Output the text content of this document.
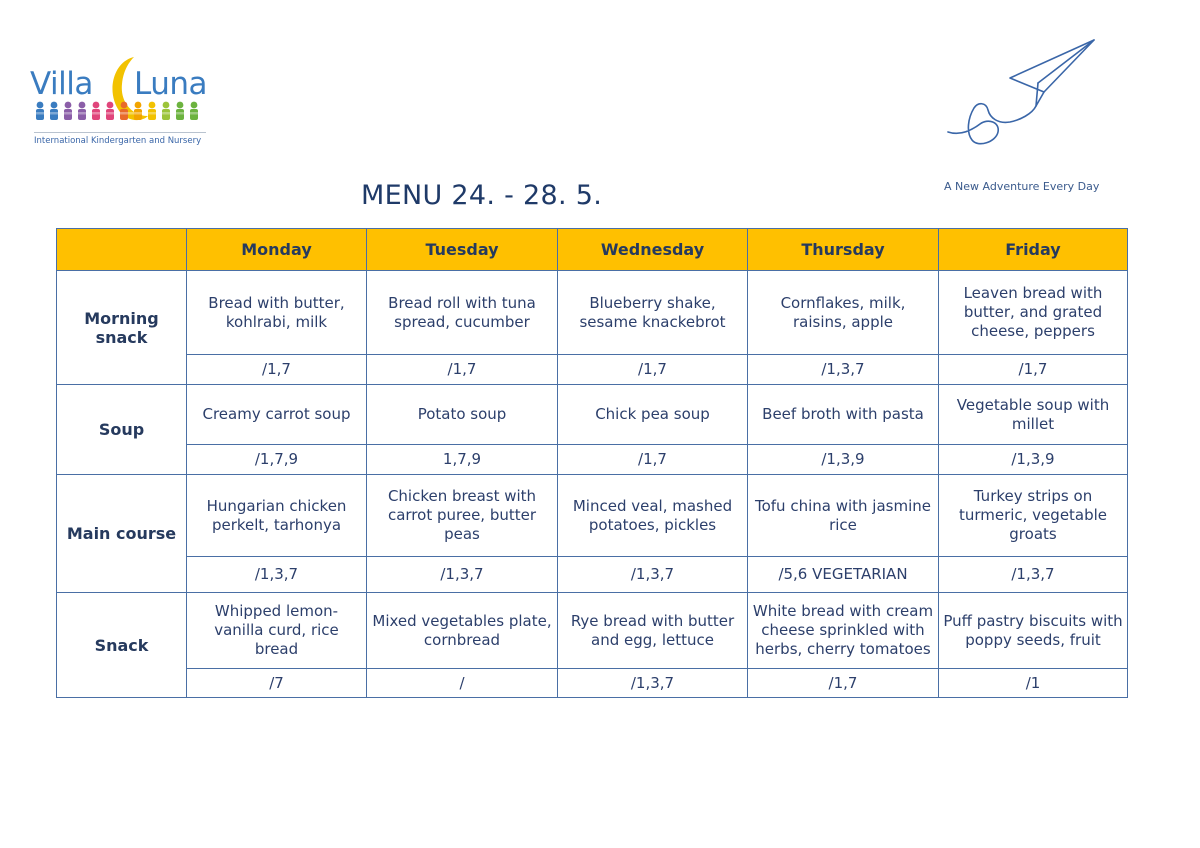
Villa Luna
International Kindergarten and Nursery
A New Adventure Every Day
MENU 24. - 28. 5.
	Monday	Tuesday	Wednesday	Thursday	Friday
Morning snack	Bread with butter, kohlrabi, milk	Bread roll with tuna spread, cucumber	Blueberry shake, sesame knackebrot	Cornflakes, milk, raisins, apple	Leaven bread with butter, and grated cheese, peppers
	/1,7	/1,7	/1,7	/1,3,7	/1,7
Soup	Creamy carrot soup	Potato soup	Chick pea soup	Beef broth with pasta	Vegetable soup with millet
	/1,7,9	1,7,9	/1,7	/1,3,9	/1,3,9
Main course	Hungarian chicken perkelt, tarhonya	Chicken breast with carrot puree, butter peas	Minced veal, mashed potatoes, pickles	Tofu china with jasmine rice	Turkey strips on turmeric, vegetable groats
	/1,3,7	/1,3,7	/1,3,7	/5,6 VEGETARIAN	/1,3,7
Snack	Whipped lemon-vanilla curd, rice bread	Mixed vegetables plate, cornbread	Rye bread with butter and egg, lettuce	White bread with cream cheese sprinkled with herbs, cherry tomatoes	Puff pastry biscuits with poppy seeds, fruit
	/7	/	/1,3,7	/1,7	/1
